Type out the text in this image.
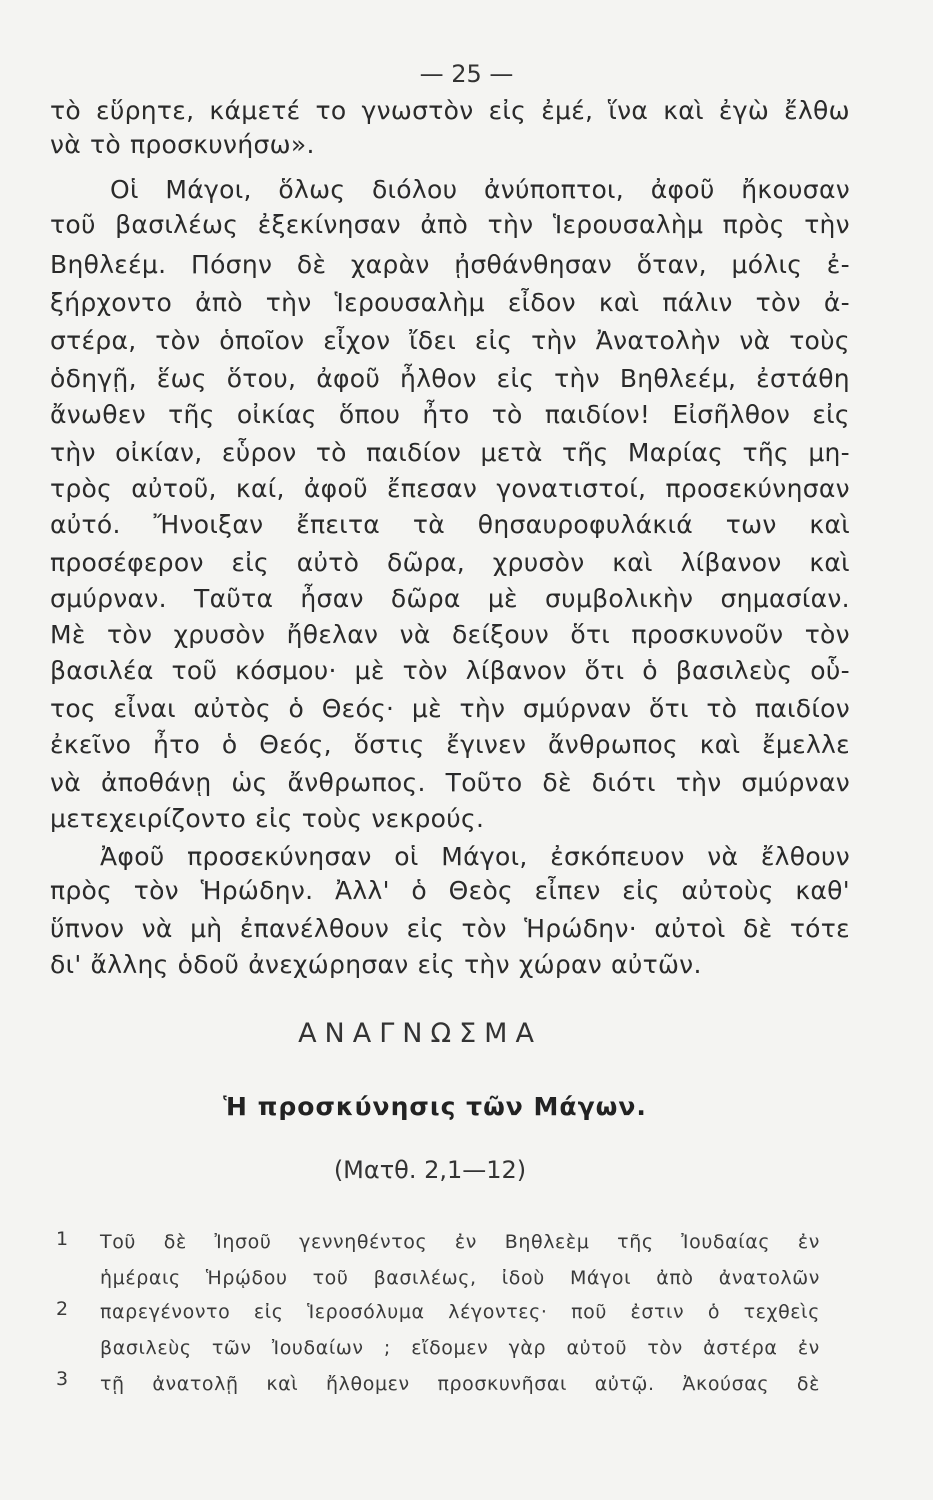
— 25 —
τὸ εὕρητε, κάμετέ το γνωστὸν εἰς ἐμέ, ἵνα καὶ ἐγὼ ἔλθω
νὰ τὸ προσκυνήσω».
Οἱ Μάγοι, ὅλως διόλου ἀνύποπτοι, ἀφοῦ ἤκουσαν
τοῦ βασιλέως ἐξεκίνησαν ἀπὸ τὴν Ἱερουσαλὴμ πρὸς τὴν
Βηθλεέμ. Πόσην δὲ χαρὰν ᾐσθάνθησαν ὅταν, μόλις ἐ-
ξήρχοντο ἀπὸ τὴν Ἱερουσαλὴμ εἶδον καὶ πάλιν τὸν ἀ-
στέρα, τὸν ὁποῖον εἶχον ἴδει εἰς τὴν Ἀνατολὴν νὰ τοὺς
ὁδηγῇ, ἕως ὅτου, ἀφοῦ ἦλθον εἰς τὴν Βηθλεέμ, ἐστάθη
ἄνωθεν τῆς οἰκίας ὅπου ἦτο τὸ παιδίον! Εἰσῆλθον εἰς
τὴν οἰκίαν, εὗρον τὸ παιδίον μετὰ τῆς Μαρίας τῆς μη-
τρὸς αὐτοῦ, καί, ἀφοῦ ἔπεσαν γονατιστοί, προσεκύνησαν
αὐτό. Ἤνοιξαν ἔπειτα τὰ θησαυροφυλάκιά των καὶ
προσέφερον εἰς αὐτὸ δῶρα, χρυσὸν καὶ λίβανον καὶ
σμύρναν. Ταῦτα ἦσαν δῶρα μὲ συμβολικὴν σημασίαν.
Μὲ τὸν χρυσὸν ἤθελαν νὰ δείξουν ὅτι προσκυνοῦν τὸν
βασιλέα τοῦ κόσμου· μὲ τὸν λίβανον ὅτι ὁ βασιλεὺς οὗ-
τος εἶναι αὐτὸς ὁ Θεός· μὲ τὴν σμύρναν ὅτι τὸ παιδίον
ἐκεῖνο ἦτο ὁ Θεός, ὅστις ἔγινεν ἄνθρωπος καὶ ἔμελλε
νὰ ἀποθάνῃ ὡς ἄνθρωπος. Τοῦτο δὲ διότι τὴν σμύρναν
μετεχειρίζοντο εἰς τοὺς νεκρούς.
Ἀφοῦ προσεκύνησαν οἱ Μάγοι, ἐσκόπευον νὰ ἔλθουν
πρὸς τὸν Ἡρώδην. Ἀλλ' ὁ Θεὸς εἶπεν εἰς αὐτοὺς καθ'
ὕπνον νὰ μὴ ἐπανέλθουν εἰς τὸν Ἡρώδην· αὐτοὶ δὲ τότε
δι' ἄλλης ὁδοῦ ἀνεχώρησαν εἰς τὴν χώραν αὐτῶν.
ΑΝΑΓΝΩΣΜΑ
Ἡ προσκύνησις τῶν Μάγων.
(Ματθ. 2,1—12)
1
2
3
Τοῦ δὲ Ἰησοῦ γεννηθέντος ἐν Βηθλεὲμ τῆς Ἰουδαίας ἐν
ἡμέραις Ἡρῴδου τοῦ βασιλέως, ἰδοὺ Μάγοι ἀπὸ ἀνατολῶν
παρεγένοντο εἰς Ἱεροσόλυμα λέγοντες· ποῦ ἐστιν ὁ τεχθεὶς
βασιλεὺς τῶν Ἰουδαίων ; εἴδομεν γὰρ αὐτοῦ τὸν ἀστέρα ἐν
τῇ ἀνατολῇ καὶ ἤλθομεν προσκυνῆσαι αὐτῷ. Ἀκούσας δὲ
